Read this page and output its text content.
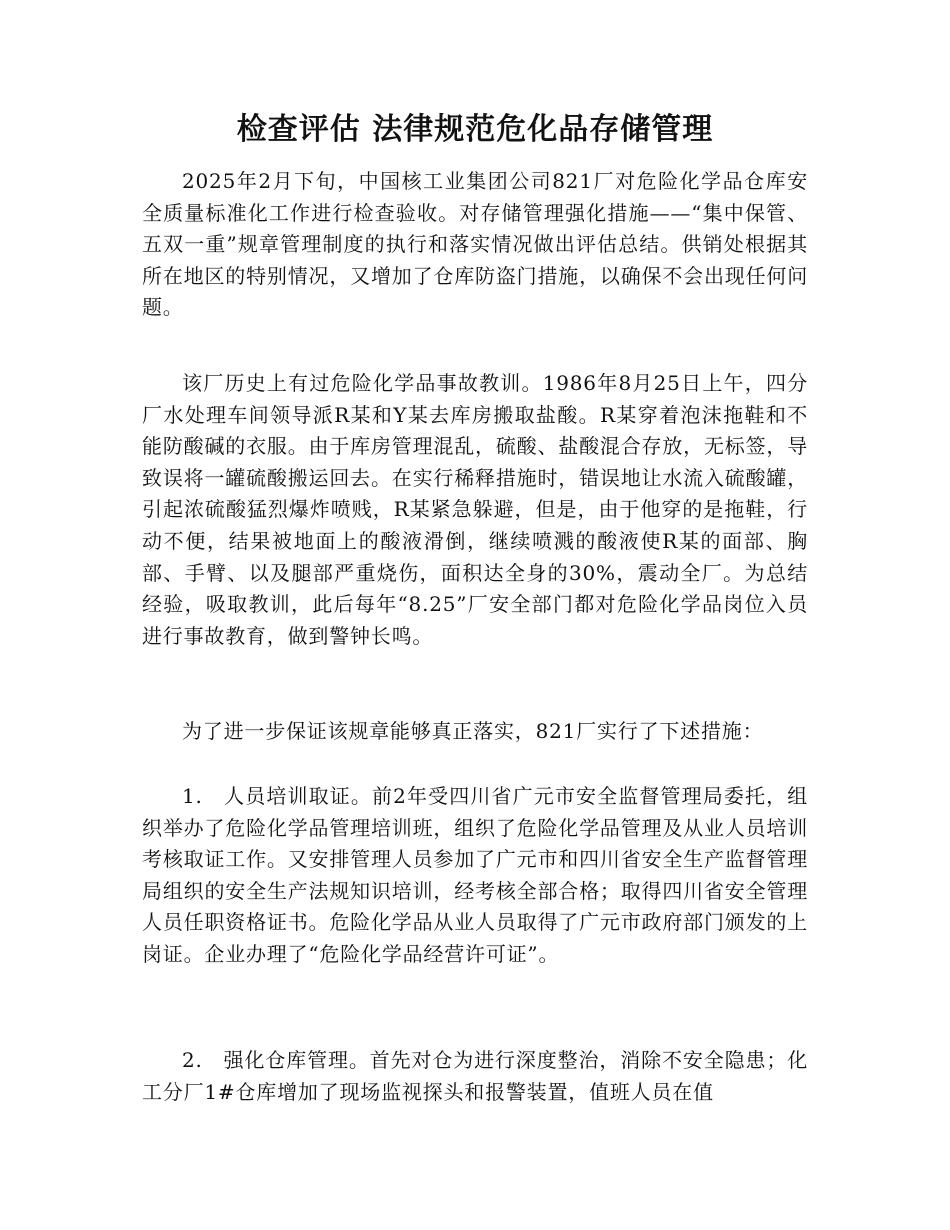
检查评估 法律规范危化品存储管理

2025年2月下旬，中国核工业集团公司821厂对危险化学品仓库安全质量标准化工作进行检查验收。对存储管理强化措施——“集中保管、五双一重”规章管理制度的执行和落实情况做出评估总结。供销处根据其所在地区的特别情况，又增加了仓库防盗门措施，以确保不会出现任何问题。

该厂历史上有过危险化学品事故教训。1986年8月25日上午，四分厂水处理车间领导派R某和Y某去库房搬取盐酸。R某穿着泡沫拖鞋和不能防酸碱的衣服。由于库房管理混乱，硫酸、盐酸混合存放，无标签，导致误将一罐硫酸搬运回去。在实行稀释措施时，错误地让水流入硫酸罐，引起浓硫酸猛烈爆炸喷贱，R某紧急躲避，但是，由于他穿的是拖鞋，行动不便，结果被地面上的酸液滑倒，继续喷溅的酸液使R某的面部、胸部、手臂、以及腿部严重烧伤，面积达全身的30%，震动全厂。为总结经验，吸取教训，此后每年“8.25”厂安全部门都对危险化学品岗位入员进行事故教育，做到警钟长鸣。

为了进一步保证该规章能够真正落实，821厂实行了下述措施：

1.　人员培训取证。前2年受四川省广元市安全监督管理局委托，组织举办了危险化学品管理培训班，组织了危险化学品管理及从业人员培训考核取证工作。又安排管理人员参加了广元市和四川省安全生产监督管理局组织的安全生产法规知识培训，经考核全部合格；取得四川省安全管理人员任职资格证书。危险化学品从业人员取得了广元市政府部门颁发的上岗证。企业办理了“危险化学品经营许可证”。

2.　强化仓库管理。首先对仓为进行深度整治，消除不安全隐患；化工分厂1#仓库增加了现场监视探头和报警装置，值班人员在值
